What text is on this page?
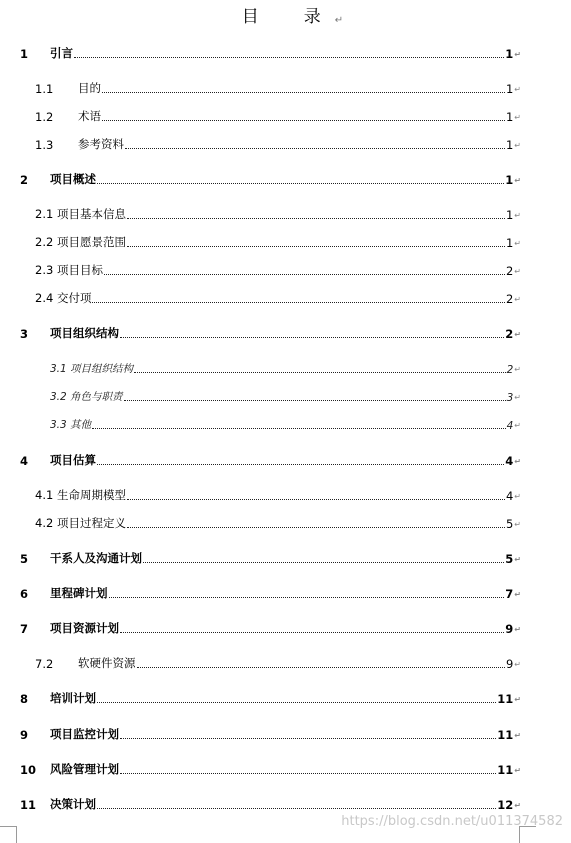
目　录↵
1	引言	1 ↵
1.1	目的	1 ↵
1.2	术语	1 ↵
1.3	参考资料	1 ↵
2	项目概述	1 ↵
2.1 项目基本信息	1 ↵
2.2 项目愿景范围	1 ↵
2.3 项目目标	2 ↵
2.4 交付项	2 ↵
3	项目组织结构	2 ↵
3.1 项目组织结构	2 ↵
3.2 角色与职责	3 ↵
3.3 其他	4 ↵
4	项目估算	4 ↵
4.1 生命周期模型	4 ↵
4.2 项目过程定义	5 ↵
5	干系人及沟通计划	5 ↵
6	里程碑计划	7 ↵
7	项目资源计划	9 ↵
7.2	软硬件资源	9 ↵
8	培训计划	11 ↵
9	项目监控计划	11 ↵
10	风险管理计划	11 ↵
11	决策计划	12 ↵
https://blog.csdn.net/u011374582
